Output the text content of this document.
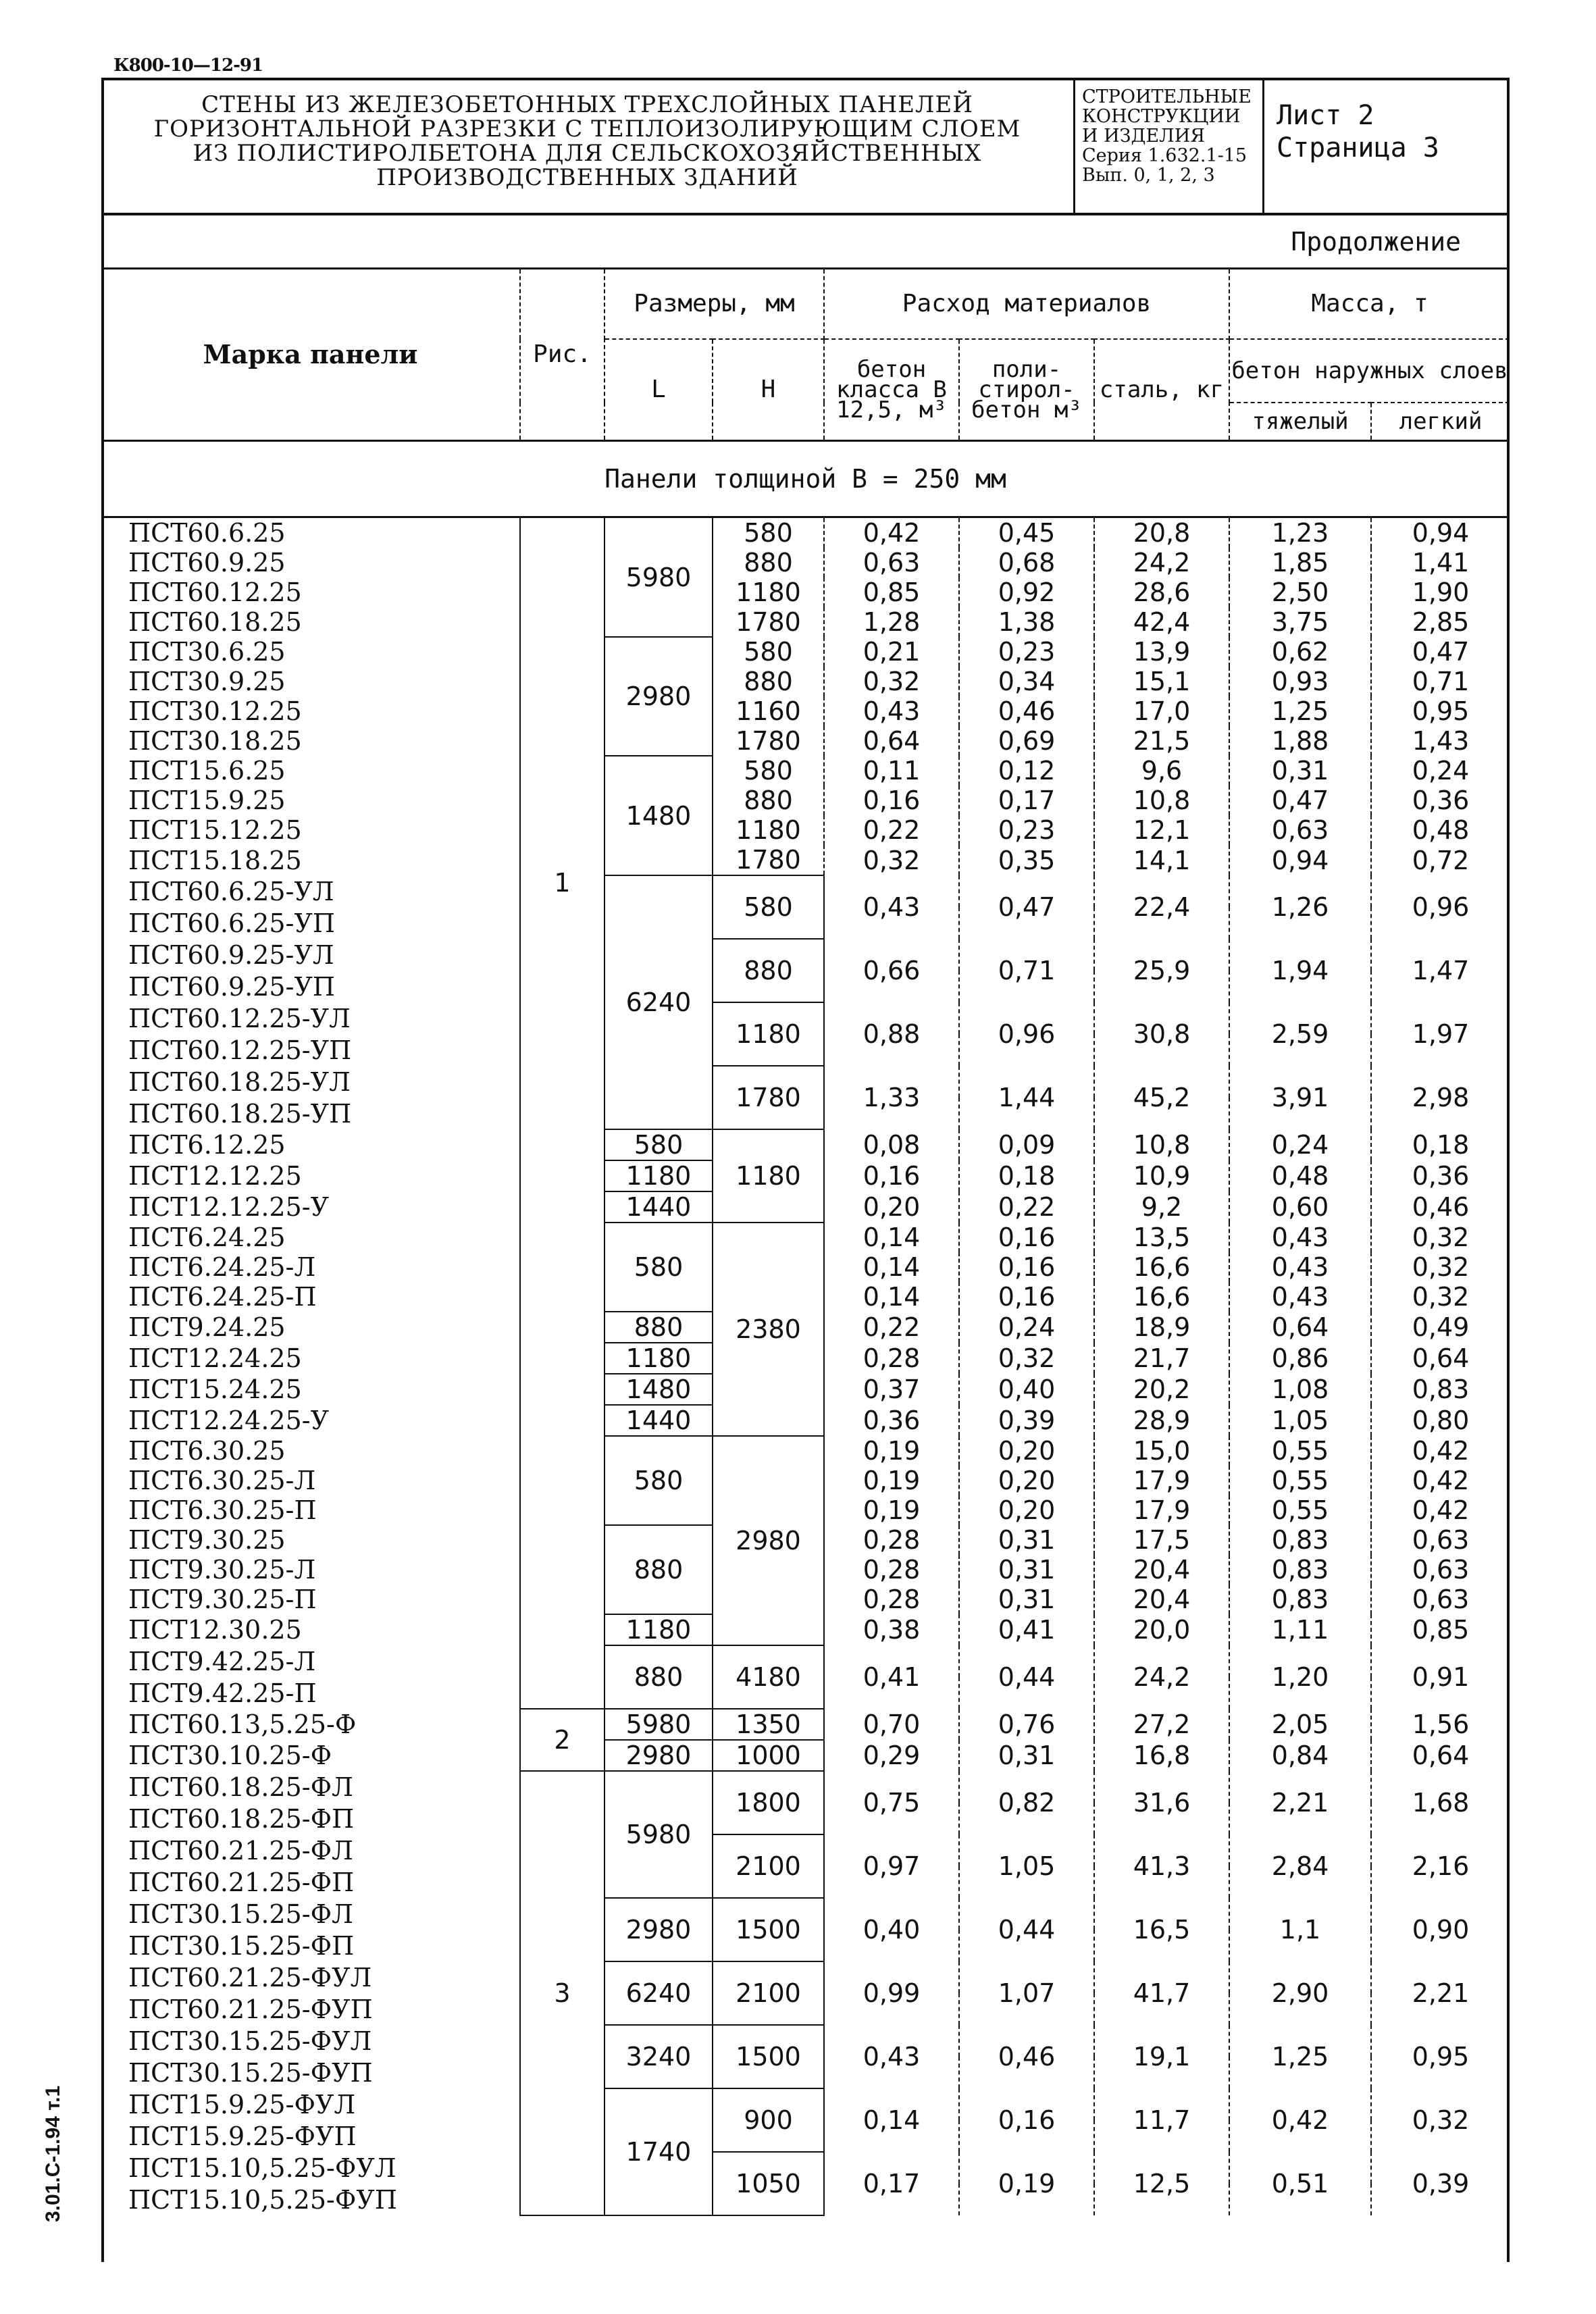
К800-10—12-91
3.01.С-1.94 т.1
СТЕНЫ ИЗ ЖЕЛЕЗОБЕТОННЫХ ТРЕХСЛОЙНЫХ ПАНЕЛЕЙ
ГОРИЗОНТАЛЬНОЙ РАЗРЕЗКИ С ТЕПЛОИЗОЛИРУЮЩИМ СЛОЕМ
ИЗ ПОЛИСТИРОЛБЕТОНА ДЛЯ СЕЛЬСКОХОЗЯЙСТВЕННЫХ
ПРОИЗВОДСТВЕННЫХ ЗДАНИЙ
СТРОИТЕЛЬНЫЕ
КОНСТРУКЦИИ
И ИЗДЕЛИЯ
Серия 1.632.1-15
Вып. 0, 1, 2, 3
Лист 2
Страница 3
Продолжение
Марка панели	Рис.	Размеры, мм		Расход материалов			Масса, т	
		L	H	бетон класса В 12,5, м³	поли- стирол- бетон м³	сталь, кг	бетон наружных слоев	
							тяжелый	легкий
Панели толщиной В = 250 мм								
ПСТ60.6.25	1	5980	580	0,42	0,45	20,8	1,23	0,94
ПСТ60.9.25			880	0,63	0,68	24,2	1,85	1,41
ПСТ60.12.25			1180	0,85	0,92	28,6	2,50	1,90
ПСТ60.18.25			1780	1,28	1,38	42,4	3,75	2,85
ПСТ30.6.25		2980	580	0,21	0,23	13,9	0,62	0,47
ПСТ30.9.25			880	0,32	0,34	15,1	0,93	0,71
ПСТ30.12.25			1160	0,43	0,46	17,0	1,25	0,95
ПСТ30.18.25			1780	0,64	0,69	21,5	1,88	1,43
ПСТ15.6.25		1480	580	0,11	0,12	9,6	0,31	0,24
ПСТ15.9.25			880	0,16	0,17	10,8	0,47	0,36
ПСТ15.12.25			1180	0,22	0,23	12,1	0,63	0,48
ПСТ15.18.25			1780	0,32	0,35	14,1	0,94	0,72
ПСТ60.6.25-УЛ		6240	580	0,43	0,47	22,4	1,26	0,96
ПСТ60.6.25-УП								
ПСТ60.9.25-УЛ			880	0,66	0,71	25,9	1,94	1,47
ПСТ60.9.25-УП								
ПСТ60.12.25-УЛ			1180	0,88	0,96	30,8	2,59	1,97
ПСТ60.12.25-УП								
ПСТ60.18.25-УЛ			1780	1,33	1,44	45,2	3,91	2,98
ПСТ60.18.25-УП								
ПСТ6.12.25		580	1180	0,08	0,09	10,8	0,24	0,18
ПСТ12.12.25		1180		0,16	0,18	10,9	0,48	0,36
ПСТ12.12.25-У		1440		0,20	0,22	9,2	0,60	0,46
ПСТ6.24.25		580	2380	0,14	0,16	13,5	0,43	0,32
ПСТ6.24.25-Л				0,14	0,16	16,6	0,43	0,32
ПСТ6.24.25-П				0,14	0,16	16,6	0,43	0,32
ПСТ9.24.25		880		0,22	0,24	18,9	0,64	0,49
ПСТ12.24.25		1180		0,28	0,32	21,7	0,86	0,64
ПСТ15.24.25		1480		0,37	0,40	20,2	1,08	0,83
ПСТ12.24.25-У		1440		0,36	0,39	28,9	1,05	0,80
ПСТ6.30.25		580	2980	0,19	0,20	15,0	0,55	0,42
ПСТ6.30.25-Л				0,19	0,20	17,9	0,55	0,42
ПСТ6.30.25-П				0,19	0,20	17,9	0,55	0,42
ПСТ9.30.25		880		0,28	0,31	17,5	0,83	0,63
ПСТ9.30.25-Л				0,28	0,31	20,4	0,83	0,63
ПСТ9.30.25-П				0,28	0,31	20,4	0,83	0,63
ПСТ12.30.25		1180		0,38	0,41	20,0	1,11	0,85
ПСТ9.42.25-Л		880	4180	0,41	0,44	24,2	1,20	0,91
ПСТ9.42.25-П								
ПСТ60.13,5.25-Ф	2	5980	1350	0,70	0,76	27,2	2,05	1,56
ПСТ30.10.25-Ф		2980	1000	0,29	0,31	16,8	0,84	0,64
ПСТ60.18.25-ФЛ	3	5980	1800	0,75	0,82	31,6	2,21	1,68
ПСТ60.18.25-ФП								
ПСТ60.21.25-ФЛ			2100	0,97	1,05	41,3	2,84	2,16
ПСТ60.21.25-ФП								
ПСТ30.15.25-ФЛ		2980	1500	0,40	0,44	16,5	1,1	0,90
ПСТ30.15.25-ФП								
ПСТ60.21.25-ФУЛ		6240	2100	0,99	1,07	41,7	2,90	2,21
ПСТ60.21.25-ФУП								
ПСТ30.15.25-ФУЛ		3240	1500	0,43	0,46	19,1	1,25	0,95
ПСТ30.15.25-ФУП								
ПСТ15.9.25-ФУЛ		1740	900	0,14	0,16	11,7	0,42	0,32
ПСТ15.9.25-ФУП								
ПСТ15.10,5.25-ФУЛ			1050	0,17	0,19	12,5	0,51	0,39
ПСТ15.10,5.25-ФУП								
